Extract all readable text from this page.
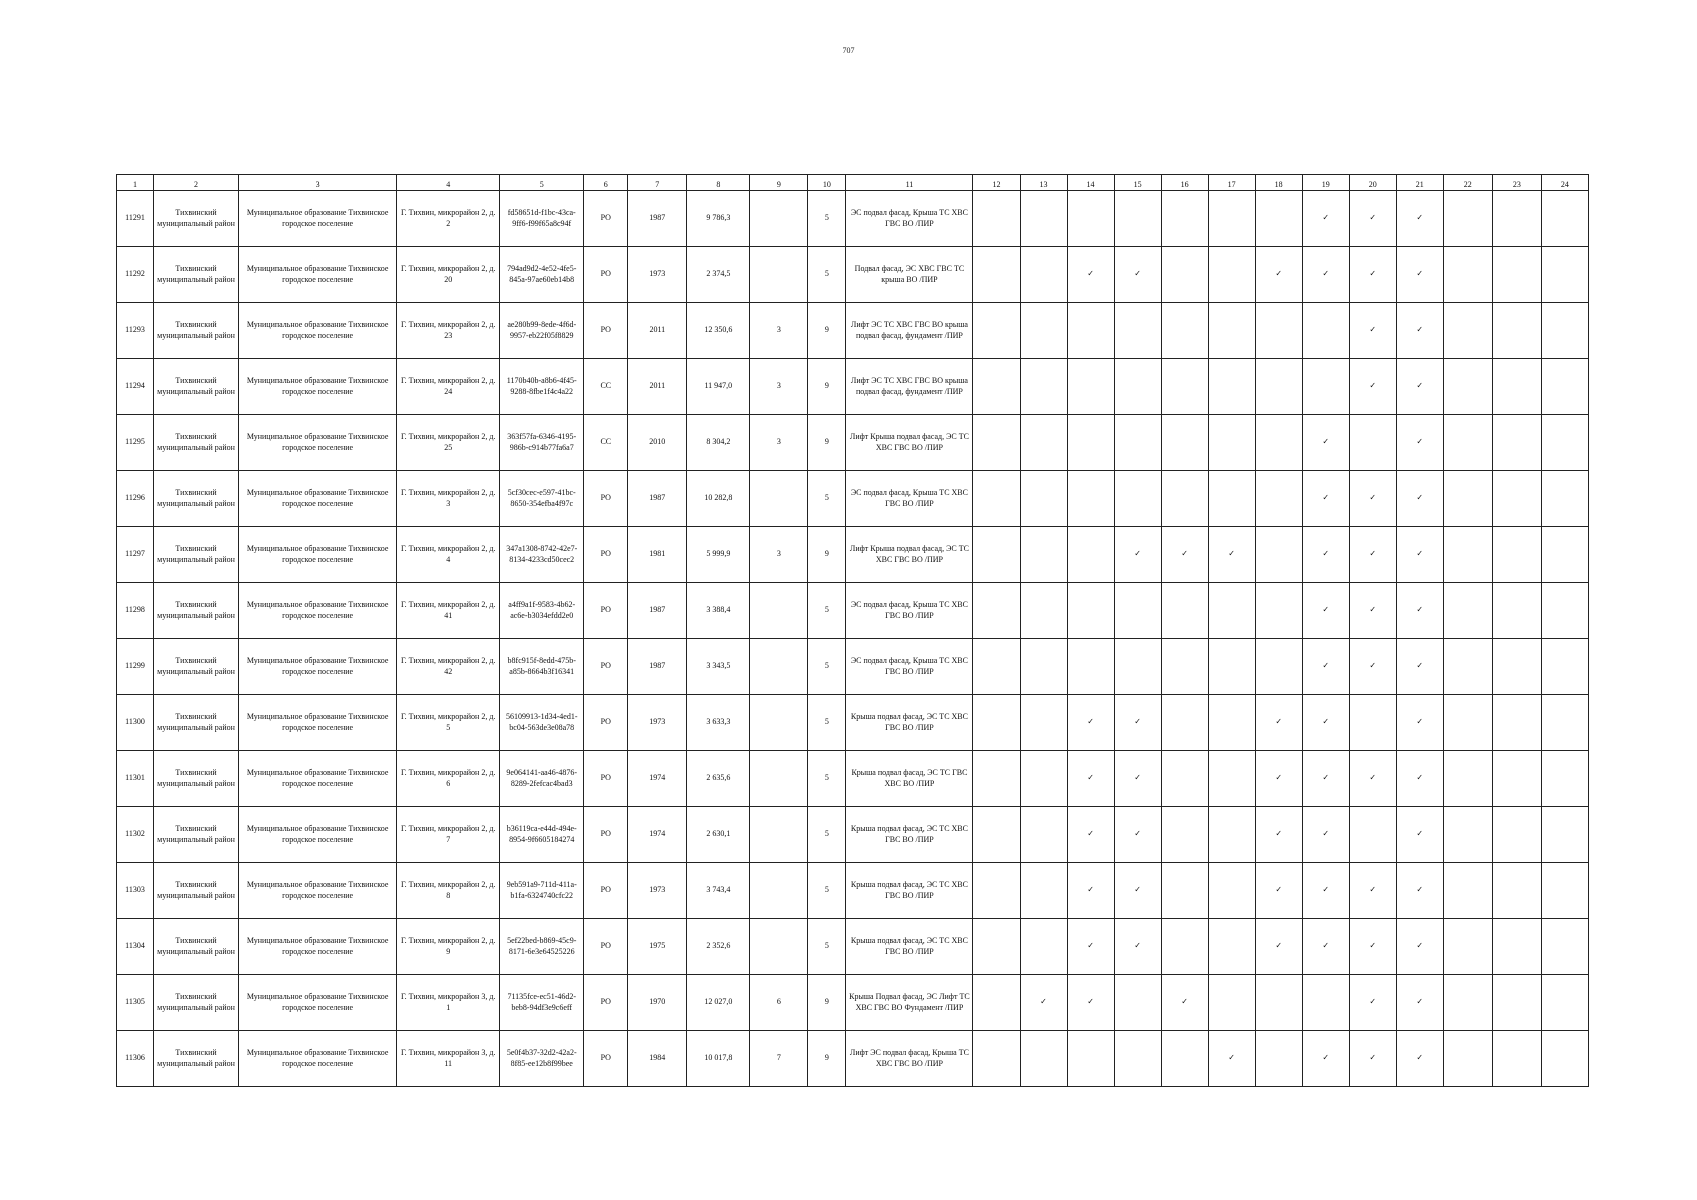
707
1	2	3	4	5	6	7	8	9	10	11	12	13	14	15	16	17	18	19	20	21	22	23	24
11291	Тихвинский муниципальный район	Муниципальное образование Тихвинское городское поселение	Г. Тихвин, микрорайон 2, д. 2	fd58651d-f1bc-43ca-9ff6-f99f65a8c94f	PO	1987	9 786,3		5	ЭС подвал фасад, Крыша ТС ХВС ГВС ВО /ПИР								✓	✓	✓			
11292	Тихвинский муниципальный район	Муниципальное образование Тихвинское городское поселение	Г. Тихвин, микрорайон 2, д. 20	794ad9d2-4e52-4fe5-845a-97ae60eb14b8	PO	1973	2 374,5		5	Подвал фасад, ЭС ХВС ГВС ТС крыша ВО /ПИР			✓	✓			✓	✓	✓	✓			
11293	Тихвинский муниципальный район	Муниципальное образование Тихвинское городское поселение	Г. Тихвин, микрорайон 2, д. 23	ae280b99-8ede-4f6d-9957-eb22f05f8829	PO	2011	12 350,6	3	9	Лифт ЭС ТС ХВС ГВС ВО крыша подвал фасад, фундамент /ПИР									✓	✓			
11294	Тихвинский муниципальный район	Муниципальное образование Тихвинское городское поселение	Г. Тихвин, микрорайон 2, д. 24	1170b40b-a8b6-4f45-9288-8fbe1f4c4a22	CC	2011	11 947,0	3	9	Лифт ЭС ТС ХВС ГВС ВО крыша подвал фасад, фундамент /ПИР									✓	✓			
11295	Тихвинский муниципальный район	Муниципальное образование Тихвинское городское поселение	Г. Тихвин, микрорайон 2, д. 25	363f57fa-6346-4195-986b-c914b77fa6a7	CC	2010	8 304,2	3	9	Лифт Крыша подвал фасад, ЭС ТС ХВС ГВС ВО /ПИР								✓		✓			
11296	Тихвинский муниципальный район	Муниципальное образование Тихвинское городское поселение	Г. Тихвин, микрорайон 2, д. 3	5cf30cec-e597-41bc-8650-354efba4f97c	PO	1987	10 282,8		5	ЭС подвал фасад, Крыша ТС ХВС ГВС ВО /ПИР								✓	✓	✓			
11297	Тихвинский муниципальный район	Муниципальное образование Тихвинское городское поселение	Г. Тихвин, микрорайон 2, д. 4	347a1308-8742-42e7-8134-4233cd50cec2	PO	1981	5 999,9	3	9	Лифт Крыша подвал фасад, ЭС ТС ХВС ГВС ВО /ПИР				✓	✓	✓		✓	✓	✓			
11298	Тихвинский муниципальный район	Муниципальное образование Тихвинское городское поселение	Г. Тихвин, микрорайон 2, д. 41	a4ff9a1f-9583-4b62-ac6e-b3034efdd2e0	PO	1987	3 388,4		5	ЭС подвал фасад, Крыша ТС ХВС ГВС ВО /ПИР								✓	✓	✓			
11299	Тихвинский муниципальный район	Муниципальное образование Тихвинское городское поселение	Г. Тихвин, микрорайон 2, д. 42	b8fc915f-8edd-475b-a85b-8664b3f16341	PO	1987	3 343,5		5	ЭС подвал фасад, Крыша ТС ХВС ГВС ВО /ПИР								✓	✓	✓			
11300	Тихвинский муниципальный район	Муниципальное образование Тихвинское городское поселение	Г. Тихвин, микрорайон 2, д. 5	56109913-1d34-4ed1-bc04-563de3e08a78	PO	1973	3 633,3		5	Крыша подвал фасад, ЭС ТС ХВС ГВС ВО /ПИР			✓	✓			✓	✓		✓			
11301	Тихвинский муниципальный район	Муниципальное образование Тихвинское городское поселение	Г. Тихвин, микрорайон 2, д. 6	9e064141-aa46-4876-8289-2fefcac4bad3	PO	1974	2 635,6		5	Крыша подвал фасад, ЭС ТС ГВС ХВС ВО /ПИР			✓	✓			✓	✓	✓	✓			
11302	Тихвинский муниципальный район	Муниципальное образование Тихвинское городское поселение	Г. Тихвин, микрорайон 2, д. 7	b36119ca-e44d-494e-8954-9f6605184274	PO	1974	2 630,1		5	Крыша подвал фасад, ЭС ТС ХВС ГВС ВО /ПИР			✓	✓			✓	✓		✓			
11303	Тихвинский муниципальный район	Муниципальное образование Тихвинское городское поселение	Г. Тихвин, микрорайон 2, д. 8	9eb591a9-711d-411a-b1fa-6324740cfc22	PO	1973	3 743,4		5	Крыша подвал фасад, ЭС ТС ХВС ГВС ВО /ПИР			✓	✓			✓	✓	✓	✓			
11304	Тихвинский муниципальный район	Муниципальное образование Тихвинское городское поселение	Г. Тихвин, микрорайон 2, д. 9	5ef22bed-b869-45c9-8171-6e3e64525226	PO	1975	2 352,6		5	Крыша подвал фасад, ЭС ТС ХВС ГВС ВО /ПИР			✓	✓			✓	✓	✓	✓			
11305	Тихвинский муниципальный район	Муниципальное образование Тихвинское городское поселение	Г. Тихвин, микрорайон 3, д. 1	71135fce-ec51-46d2-beb8-94df3e9c6eff	PO	1970	12 027,0	6	9	Крыша Подвал фасад, ЭС Лифт ТС ХВС ГВС ВО Фундамент /ПИР		✓	✓		✓				✓	✓			
11306	Тихвинский муниципальный район	Муниципальное образование Тихвинское городское поселение	Г. Тихвин, микрорайон 3, д. 11	5e0f4b37-32d2-42a2-8f85-ee12b8f99bee	PO	1984	10 017,8	7	9	Лифт ЭС подвал фасад, Крыша ТС ХВС ГВС ВО /ПИР						✓		✓	✓	✓			
